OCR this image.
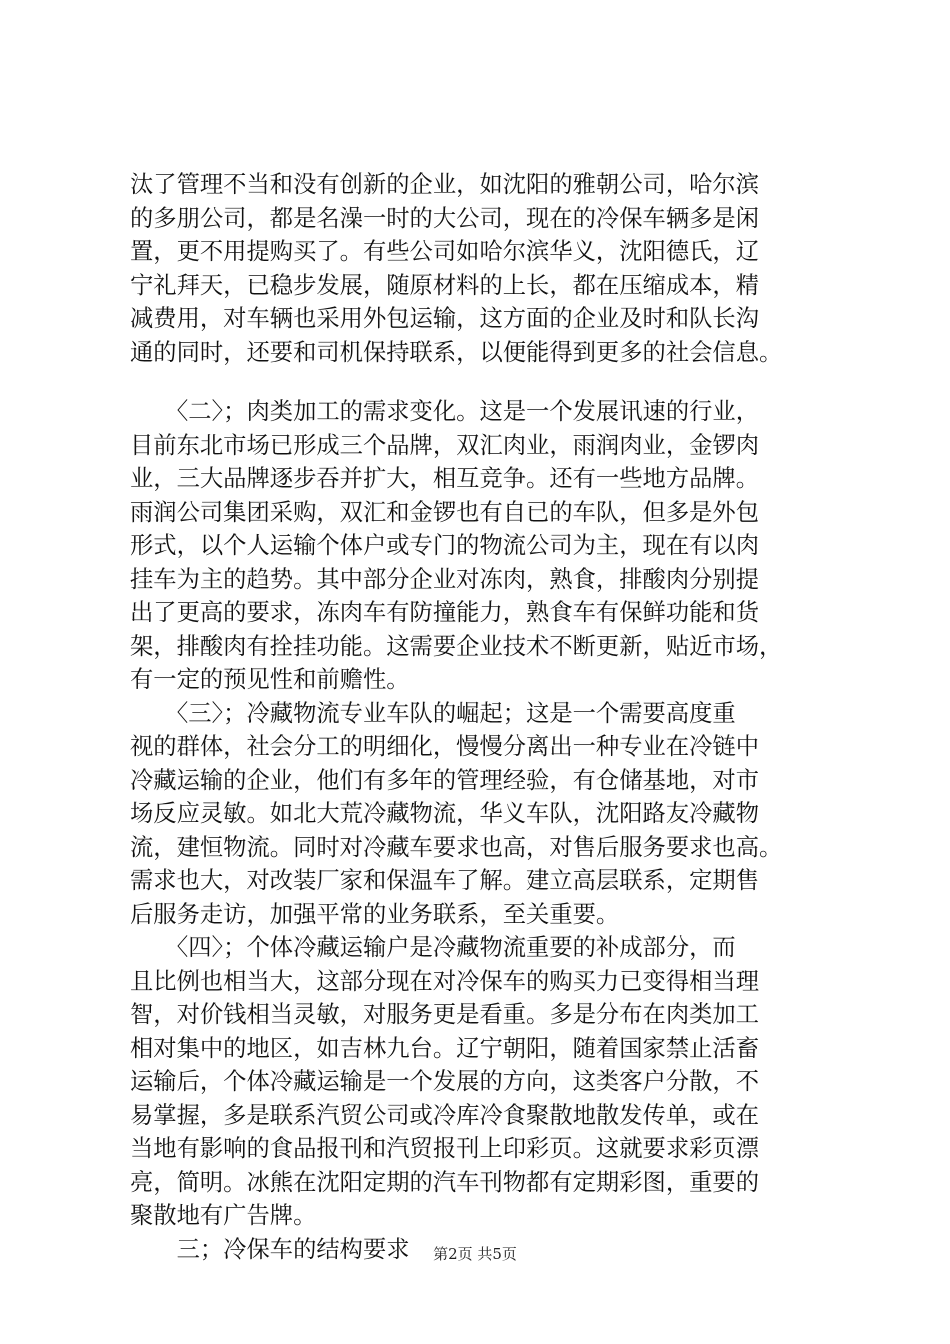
汰了管理不当和没有创新的企业，如沈阳的雅朝公司，哈尔滨
的多朋公司，都是名澡一时的大公司，现在的冷保车辆多是闲
置，更不用提购买了。有些公司如哈尔滨华义，沈阳德氏，辽
宁礼拜天，已稳步发展，随原材料的上长，都在压缩成本，精
减费用，对车辆也采用外包运输，这方面的企业及时和队长沟
通的同时，还要和司机保持联系，以便能得到更多的社会信息。
　　〈二〉；肉类加工的需求变化。这是一个发展讯速的行业，
目前东北市场已形成三个品牌，双汇肉业，雨润肉业，金锣肉
业，三大品牌逐步吞并扩大，相互竞争。还有一些地方品牌。
雨润公司集团采购，双汇和金锣也有自已的车队，但多是外包
形式，以个人运输个体户或专门的物流公司为主，现在有以肉
挂车为主的趋势。其中部分企业对冻肉，熟食，排酸肉分别提
出了更高的要求，冻肉车有防撞能力，熟食车有保鲜功能和货
架，排酸肉有拴挂功能。这需要企业技术不断更新，贴近市场，
有一定的预见性和前赡性。
　　〈三〉；冷藏物流专业车队的崛起；这是一个需要高度重
视的群体，社会分工的明细化，慢慢分离出一种专业在冷链中
冷藏运输的企业，他们有多年的管理经验，有仓储基地，对市
场反应灵敏。如北大荒冷藏物流，华义车队，沈阳路友冷藏物
流，建恒物流。同时对冷藏车要求也高，对售后服务要求也高。
需求也大，对改装厂家和保温车了解。建立高层联系，定期售
后服务走访，加强平常的业务联系，至关重要。
　　〈四〉；个体冷藏运输户是冷藏物流重要的补成部分，而
且比例也相当大，这部分现在对冷保车的购买力已变得相当理
智，对价钱相当灵敏，对服务更是看重。多是分布在肉类加工
相对集中的地区，如吉林九台。辽宁朝阳，随着国家禁止活畜
运输后，个体冷藏运输是一个发展的方向，这类客户分散，不
易掌握，多是联系汽贸公司或冷库冷食聚散地散发传单，或在
当地有影响的食品报刊和汽贸报刊上印彩页。这就要求彩页漂
亮，简明。冰熊在沈阳定期的汽车刊物都有定期彩图，重要的
聚散地有广告牌。
　　三；冷保车的结构要求	第2页 共5页
